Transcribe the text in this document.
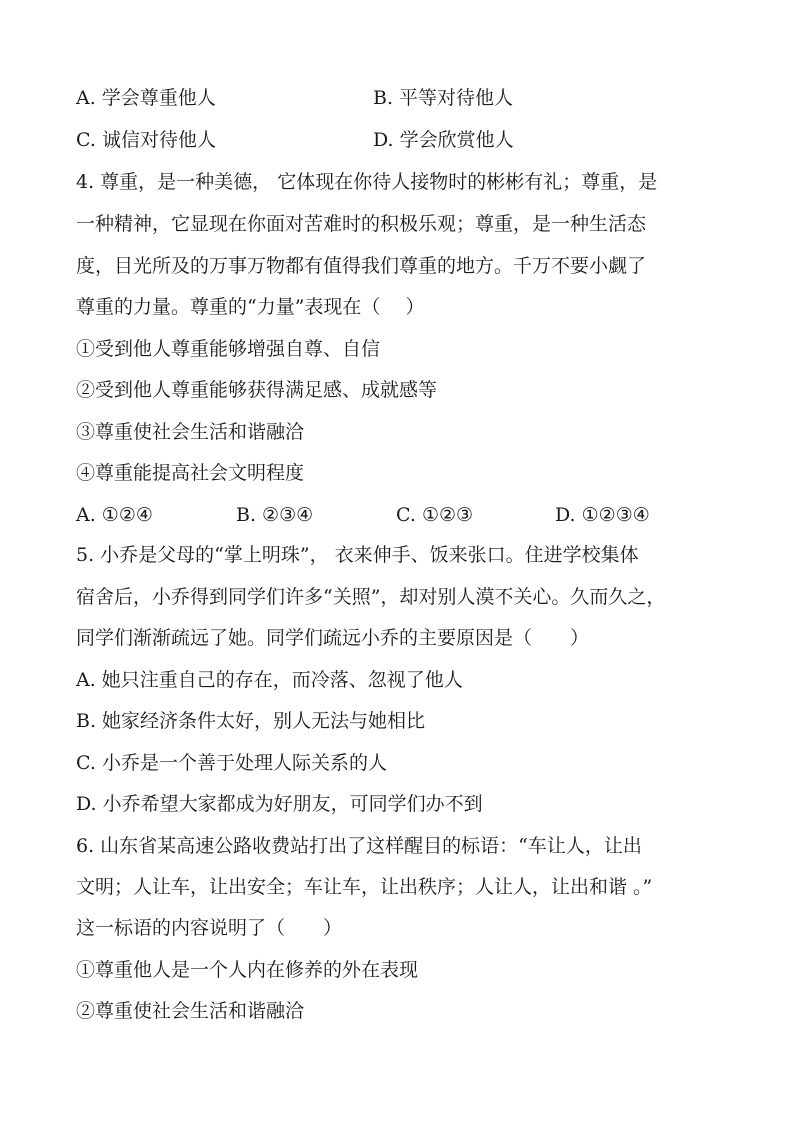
A. 学会尊重他人	B. 平等对待他人
C. 诚信对待他人	D. 学会欣赏他人
4. 尊重，是一种美德， 它体现在你待人接物时的彬彬有礼；尊重，是
一种精神，它显现在你面对苦难时的积极乐观；尊重，是一种生活态
度，目光所及的万事万物都有值得我们尊重的地方。千万不要小觑了
尊重的力量。尊重的“力量”表现在（　 ）
①受到他人尊重能够增强自尊、自信
②受到他人尊重能够获得满足感、成就感等
③尊重使社会生活和谐融洽
④尊重能提高社会文明程度
A. ①②④	B. ②③④	C. ①②③	D. ①②③④
5. 小乔是父母的“掌上明珠”， 衣来伸手、饭来张口。住进学校集体
宿舍后，小乔得到同学们许多“关照”，却对别人漠不关心。久而久之，
同学们渐渐疏远了她。同学们疏远小乔的主要原因是（　　）
A. 她只注重自己的存在，而冷落、忽视了他人
B. 她家经济条件太好，别人无法与她相比
C. 小乔是一个善于处理人际关系的人
D. 小乔希望大家都成为好朋友，可同学们办不到
6. 山东省某高速公路收费站打出了这样醒目的标语：“车让人，让出
文明；人让车，让出安全；车让车，让出秩序；人让人，让出和谐 。”
这一标语的内容说明了（　　）
①尊重他人是一个人内在修养的外在表现
②尊重使社会生活和谐融洽
